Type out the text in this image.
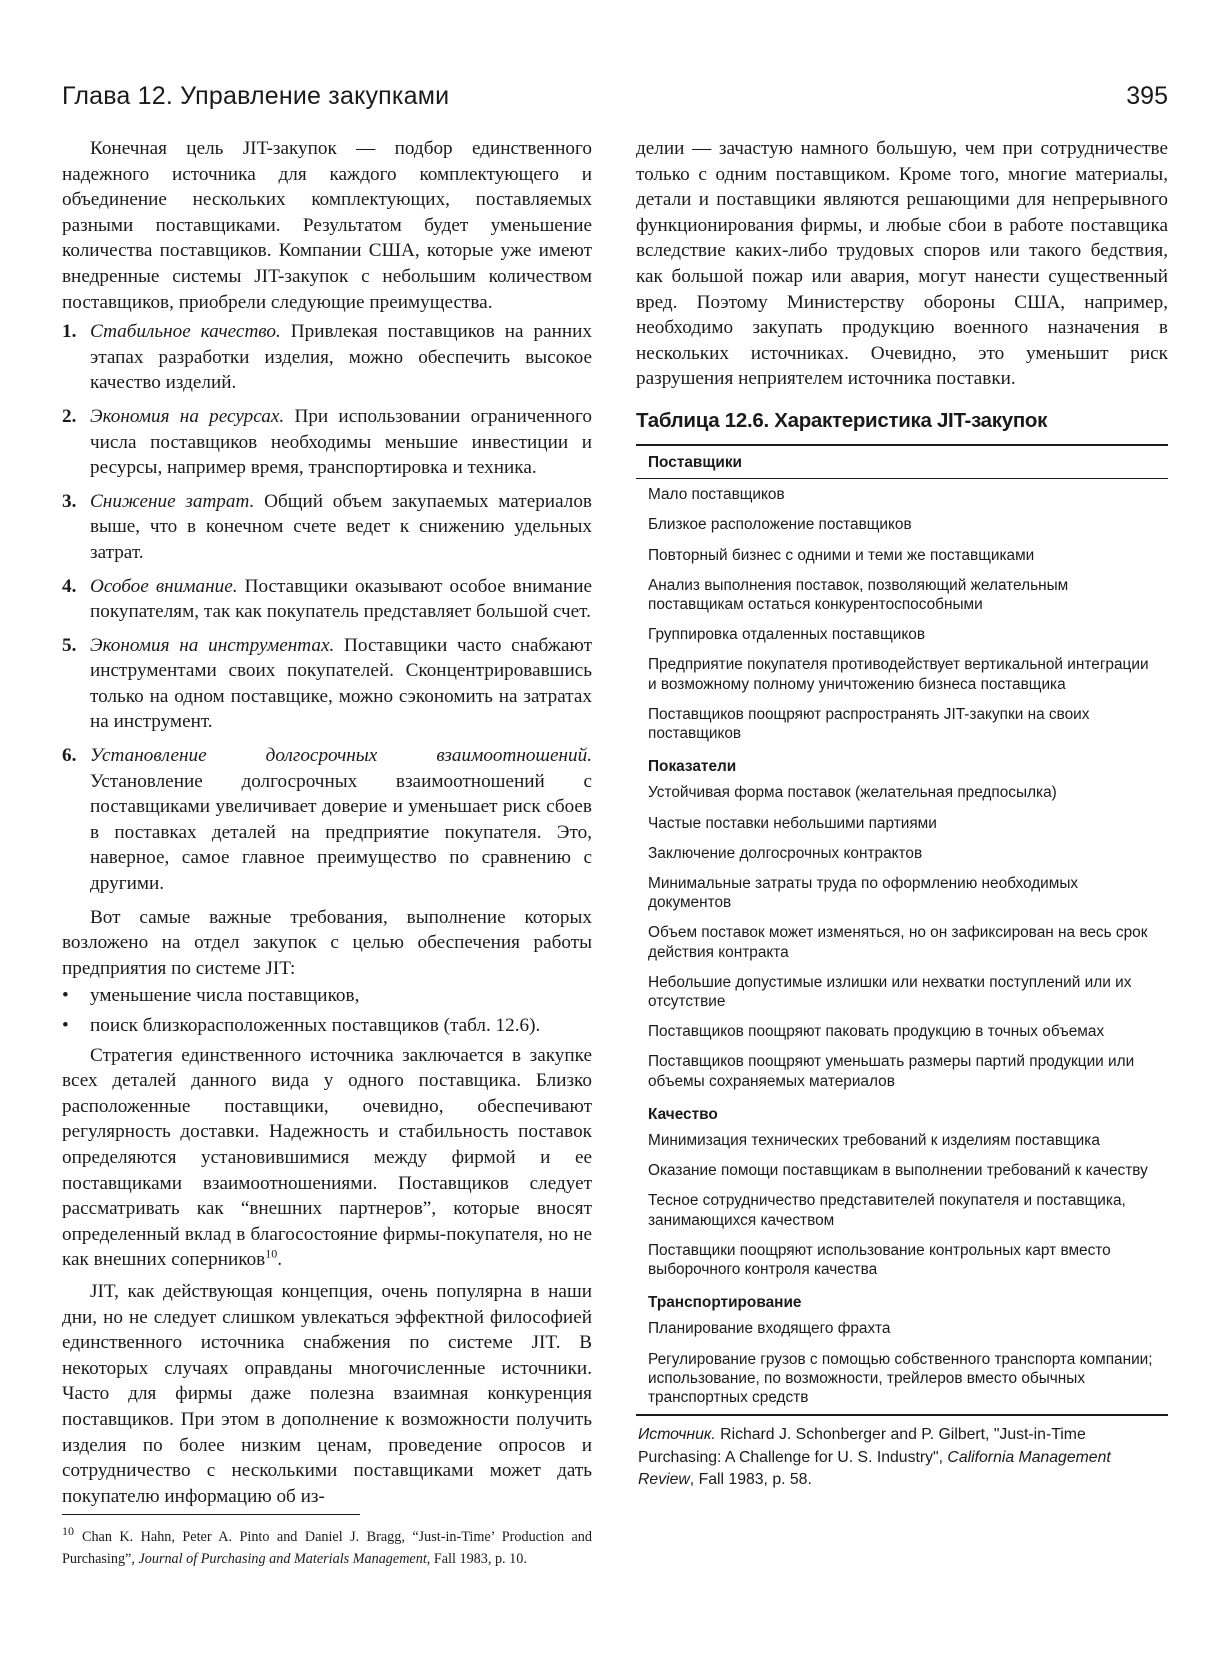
Глава 12. Управление закупками	395

Конечная цель JIT-закупок — подбор единственного надежного источника для каждого комплектующего и объединение нескольких комплектующих, поставляемых разными поставщиками. Результатом будет уменьшение количества поставщиков. Компании США, которые уже имеют внедренные системы JIT-закупок с небольшим количеством поставщиков, приобрели следующие преимущества.

1. Стабильное качество. Привлекая поставщиков на ранних этапах разработки изделия, можно обеспечить высокое качество изделий.
2. Экономия на ресурсах. При использовании ограниченного числа поставщиков необходимы меньшие инвестиции и ресурсы, например время, транспортировка и техника.
3. Снижение затрат. Общий объем закупаемых материалов выше, что в конечном счете ведет к снижению удельных затрат.
4. Особое внимание. Поставщики оказывают особое внимание покупателям, так как покупатель представляет большой счет.
5. Экономия на инструментах. Поставщики часто снабжают инструментами своих покупателей. Сконцентрировавшись только на одном поставщике, можно сэкономить на затратах на инструмент.
6. Установление долгосрочных взаимоотношений. Установление долгосрочных взаимоотношений с поставщиками увеличивает доверие и уменьшает риск сбоев в поставках деталей на предприятие покупателя. Это, наверное, самое главное преимущество по сравнению с другими.

Вот самые важные требования, выполнение которых возложено на отдел закупок с целью обеспечения работы предприятия по системе JIT:

• уменьшение числа поставщиков,
• поиск близкорасположенных поставщиков (табл. 12.6).

Стратегия единственного источника заключается в закупке всех деталей данного вида у одного поставщика. Близко расположенные поставщики, очевидно, обеспечивают регулярность доставки. Надежность и стабильность поставок определяются установившимися между фирмой и ее поставщиками взаимоотношениями. Поставщиков следует рассматривать как “внешних партнеров”, которые вносят определенный вклад в благосостояние фирмы-покупателя, но не как внешних соперников$^{10}$.

JIT, как действующая концепция, очень популярна в наши дни, но не следует слишком увлекаться эффектной философией единственного источника снабжения по системе JIT. В некоторых случаях оправданы многочисленные источники. Часто для фирмы даже полезна взаимная конкуренция поставщиков. При этом в дополнение к возможности получить изделия по более низким ценам, проведение опросов и сотрудничество с несколькими поставщиками может дать покупателю информацию об из-

$^{10}$ Chan K. Hahn, Peter A. Pinto and Daniel J. Bragg, “Just-in-Time’ Production and Purchasing”, Journal of Purchasing and Materials Management, Fall 1983, p. 10.

делии — зачастую намного большую, чем при сотрудничестве только с одним поставщиком. Кроме того, многие материалы, детали и поставщики являются решающими для непрерывного функционирования фирмы, и любые сбои в работе поставщика вследствие каких-либо трудовых споров или такого бедствия, как большой пожар или авария, могут нанести существенный вред. Поэтому Министерству обороны США, например, необходимо закупать продукцию военного назначения в нескольких источниках. Очевидно, это уменьшит риск разрушения неприятелем источника поставки.

Таблица 12.6. Характеристика JIT-закупок
Поставщики
Мало поставщиков
Близкое расположение поставщиков
Повторный бизнес с одними и теми же поставщиками
Анализ выполнения поставок, позволяющий желательным поставщикам остаться конкурентоспособными
Группировка отдаленных поставщиков
Предприятие покупателя противодействует вертикальной интеграции и возможному полному уничтожению бизнеса поставщика
Поставщиков поощряют распространять JIT-закупки на своих поставщиков
Показатели
Устойчивая форма поставок (желательная предпосылка)
Частые поставки небольшими партиями
Заключение долгосрочных контрактов
Минимальные затраты труда по оформлению необходимых документов
Объем поставок может изменяться, но он зафиксирован на весь срок действия контракта
Небольшие допустимые излишки или нехватки поступлений или их отсутствие
Поставщиков поощряют паковать продукцию в точных объемах
Поставщиков поощряют уменьшать размеры партий продукции или объемы сохраняемых материалов
Качество
Минимизация технических требований к изделиям поставщика
Оказание помощи поставщикам в выполнении требований к качеству
Тесное сотрудничество представителей покупателя и поставщика, занимающихся качеством
Поставщики поощряют использование контрольных карт вместо выборочного контроля качества
Транспортирование
Планирование входящего фрахта
Регулирование грузов с помощью собственного транспорта компании; использование, по возможности, трейлеров вместо обычных транспортных средств
Источник. Richard J. Schonberger and P. Gilbert, "Just-in-Time Purchasing: A Challenge for U. S. Industry", California Management Review, Fall 1983, p. 58.
